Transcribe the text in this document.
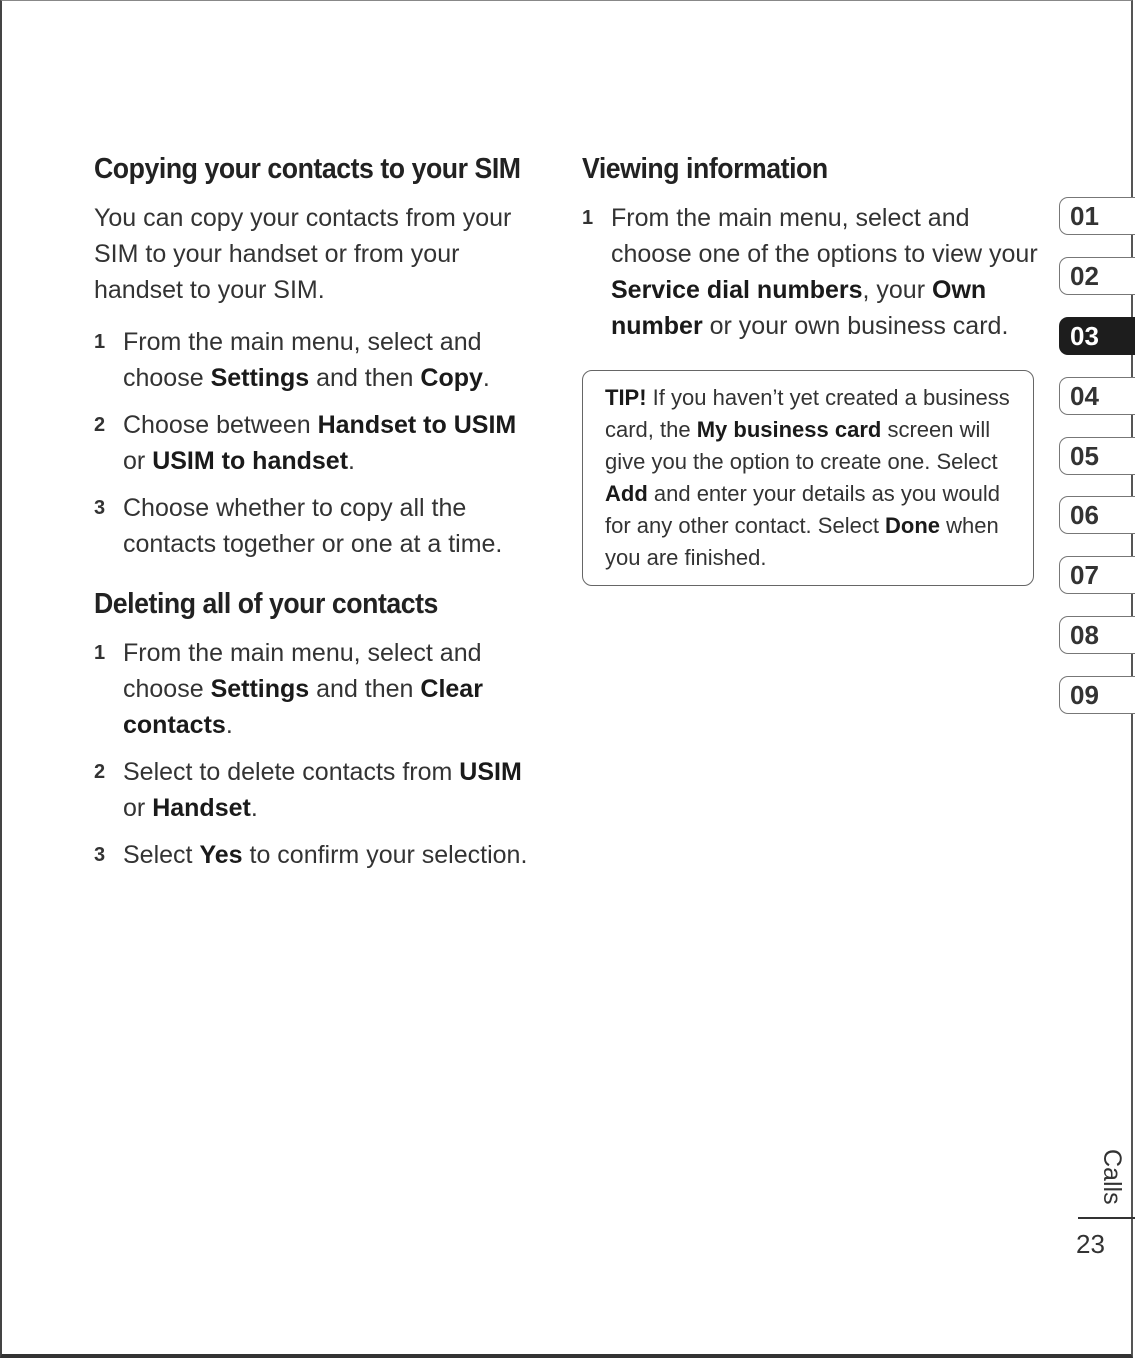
Copying your contacts to your SIM

You can copy your contacts from your SIM to your handset or from your handset to your SIM.

1 From the main menu, select and choose Settings and then Copy.
2 Choose between Handset to USIM or USIM to handset.
3 Choose whether to copy all the contacts together or one at a time.
Deleting all of your contacts
1 From the main menu, select and choose Settings and then Clear contacts.
2 Select to delete contacts from USIM or Handset.
3 Select Yes to confirm your selection.
Viewing information
1 From the main menu, select and choose one of the options to view your Service dial numbers, your Own number or your own business card.
TIP! If you haven’t yet created a business card, the My business card screen will give you the option to create one. Select Add and enter your details as you would for any other contact. Select Done when you are finished.
01
02
03
04
05
06
07
08
09
Calls
23
